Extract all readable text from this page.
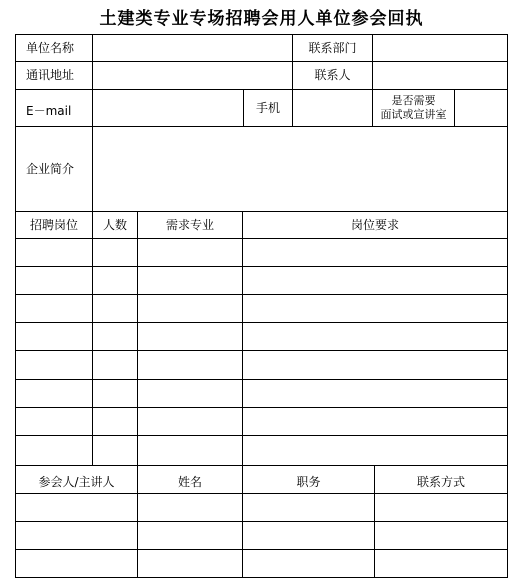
土建类专业专场招聘会用人单位参会回执
单位名称	联系部门
通讯地址	联系人
E－mail	手机	是否需要
面试或宣讲室
企业简介
招聘岗位	人数	需求专业	岗位要求
参会人/主讲人	姓名	职务	联系方式
